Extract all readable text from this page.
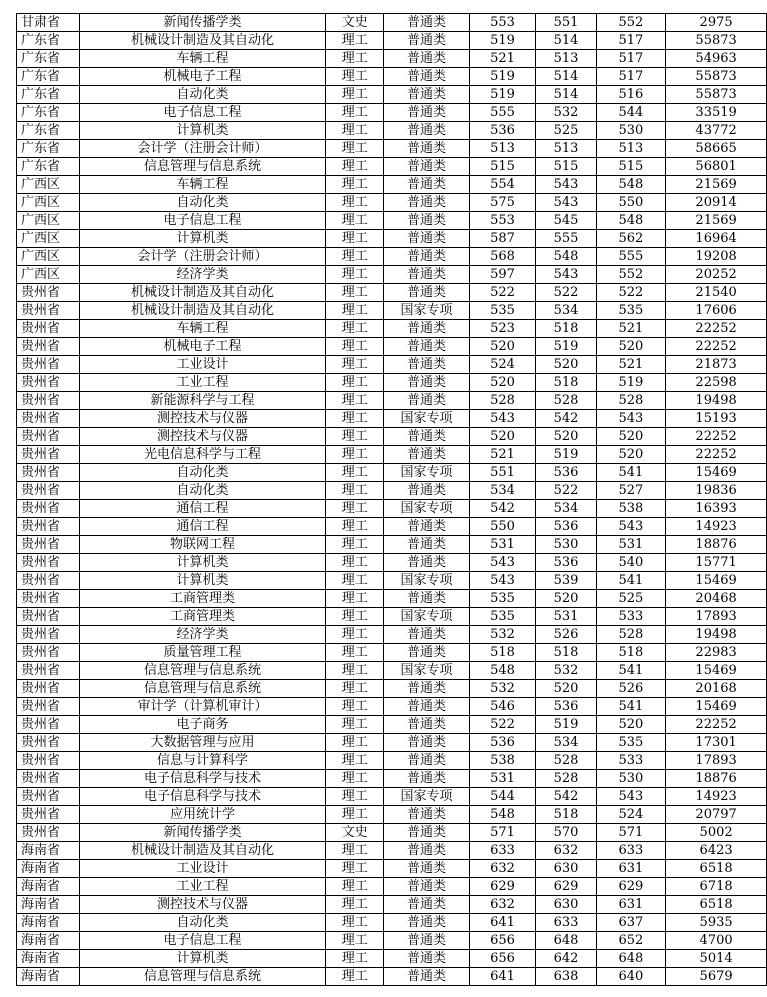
甘肃省	新闻传播学类	文史	普通类	553	551	552	2975
广东省	机械设计制造及其自动化	理工	普通类	519	514	517	55873
广东省	车辆工程	理工	普通类	521	513	517	54963
广东省	机械电子工程	理工	普通类	519	514	517	55873
广东省	自动化类	理工	普通类	519	514	516	55873
广东省	电子信息工程	理工	普通类	555	532	544	33519
广东省	计算机类	理工	普通类	536	525	530	43772
广东省	会计学（注册会计师）	理工	普通类	513	513	513	58665
广东省	信息管理与信息系统	理工	普通类	515	515	515	56801
广西区	车辆工程	理工	普通类	554	543	548	21569
广西区	自动化类	理工	普通类	575	543	550	20914
广西区	电子信息工程	理工	普通类	553	545	548	21569
广西区	计算机类	理工	普通类	587	555	562	16964
广西区	会计学（注册会计师）	理工	普通类	568	548	555	19208
广西区	经济学类	理工	普通类	597	543	552	20252
贵州省	机械设计制造及其自动化	理工	普通类	522	522	522	21540
贵州省	机械设计制造及其自动化	理工	国家专项	535	534	535	17606
贵州省	车辆工程	理工	普通类	523	518	521	22252
贵州省	机械电子工程	理工	普通类	520	519	520	22252
贵州省	工业设计	理工	普通类	524	520	521	21873
贵州省	工业工程	理工	普通类	520	518	519	22598
贵州省	新能源科学与工程	理工	普通类	528	528	528	19498
贵州省	测控技术与仪器	理工	国家专项	543	542	543	15193
贵州省	测控技术与仪器	理工	普通类	520	520	520	22252
贵州省	光电信息科学与工程	理工	普通类	521	519	520	22252
贵州省	自动化类	理工	国家专项	551	536	541	15469
贵州省	自动化类	理工	普通类	534	522	527	19836
贵州省	通信工程	理工	国家专项	542	534	538	16393
贵州省	通信工程	理工	普通类	550	536	543	14923
贵州省	物联网工程	理工	普通类	531	530	531	18876
贵州省	计算机类	理工	普通类	543	536	540	15771
贵州省	计算机类	理工	国家专项	543	539	541	15469
贵州省	工商管理类	理工	普通类	535	520	525	20468
贵州省	工商管理类	理工	国家专项	535	531	533	17893
贵州省	经济学类	理工	普通类	532	526	528	19498
贵州省	质量管理工程	理工	普通类	518	518	518	22983
贵州省	信息管理与信息系统	理工	国家专项	548	532	541	15469
贵州省	信息管理与信息系统	理工	普通类	532	520	526	20168
贵州省	审计学（计算机审计）	理工	普通类	546	536	541	15469
贵州省	电子商务	理工	普通类	522	519	520	22252
贵州省	大数据管理与应用	理工	普通类	536	534	535	17301
贵州省	信息与计算科学	理工	普通类	538	528	533	17893
贵州省	电子信息科学与技术	理工	普通类	531	528	530	18876
贵州省	电子信息科学与技术	理工	国家专项	544	542	543	14923
贵州省	应用统计学	理工	普通类	548	518	524	20797
贵州省	新闻传播学类	文史	普通类	571	570	571	5002
海南省	机械设计制造及其自动化	理工	普通类	633	632	633	6423
海南省	工业设计	理工	普通类	632	630	631	6518
海南省	工业工程	理工	普通类	629	629	629	6718
海南省	测控技术与仪器	理工	普通类	632	630	631	6518
海南省	自动化类	理工	普通类	641	633	637	5935
海南省	电子信息工程	理工	普通类	656	648	652	4700
海南省	计算机类	理工	普通类	656	642	648	5014
海南省	信息管理与信息系统	理工	普通类	641	638	640	5679
